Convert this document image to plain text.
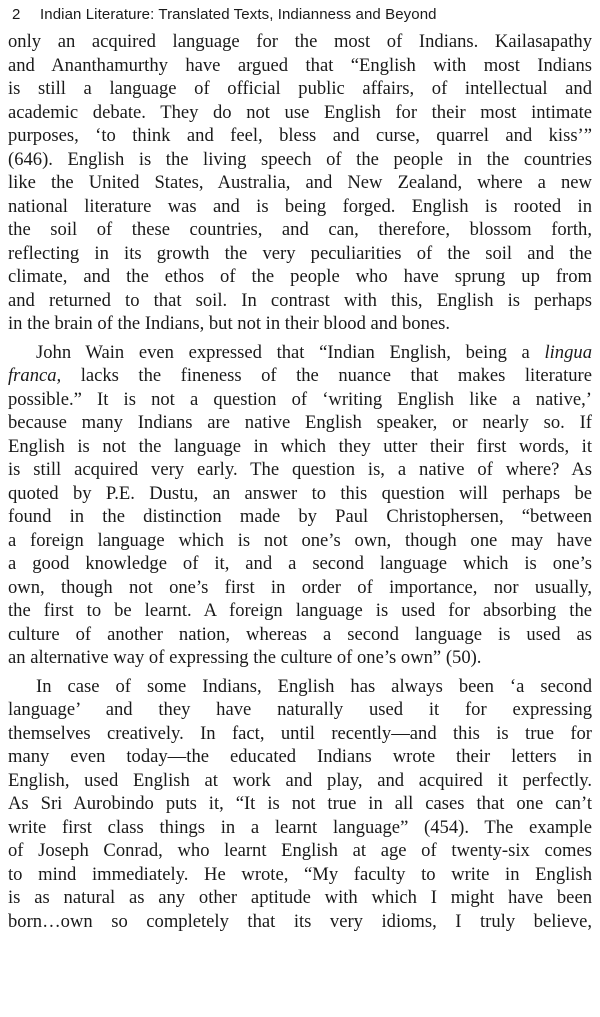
2 Indian Literature: Translated Texts, Indianness and Beyond

only an acquired language for the most of Indians. Kailasapathy
and Ananthamurthy have argued that “English with most Indians
is still a language of official public affairs, of intellectual and
academic debate. They do not use English for their most intimate
purposes, ‘to think and feel, bless and curse, quarrel and kiss’”
(646). English is the living speech of the people in the countries
like the United States, Australia, and New Zealand, where a new
national literature was and is being forged. English is rooted in
the soil of these countries, and can, therefore, blossom forth,
reflecting in its growth the very peculiarities of the soil and the
climate, and the ethos of the people who have sprung up from
and returned to that soil. In contrast with this, English is perhaps
in the brain of the Indians, but not in their blood and bones.

John Wain even expressed that “Indian English, being a lingua
franca, lacks the fineness of the nuance that makes literature
possible.” It is not a question of ‘writing English like a native,’
because many Indians are native English speaker, or nearly so. If
English is not the language in which they utter their first words, it
is still acquired very early. The question is, a native of where? As
quoted by P.E. Dustu, an answer to this question will perhaps be
found in the distinction made by Paul Christophersen, “between
a foreign language which is not one’s own, though one may have
a good knowledge of it, and a second language which is one’s
own, though not one’s first in order of importance, nor usually,
the first to be learnt. A foreign language is used for absorbing the
culture of another nation, whereas a second language is used as
an alternative way of expressing the culture of one’s own” (50).

In case of some Indians, English has always been ‘a second
language’ and they have naturally used it for expressing
themselves creatively. In fact, until recently—and this is true for
many even today—the educated Indians wrote their letters in
English, used English at work and play, and acquired it perfectly.
As Sri Aurobindo puts it, “It is not true in all cases that one can’t
write first class things in a learnt language” (454). The example
of Joseph Conrad, who learnt English at age of twenty-six comes
to mind immediately. He wrote, “My faculty to write in English
is as natural as any other aptitude with which I might have been
born…own so completely that its very idioms, I truly believe,
